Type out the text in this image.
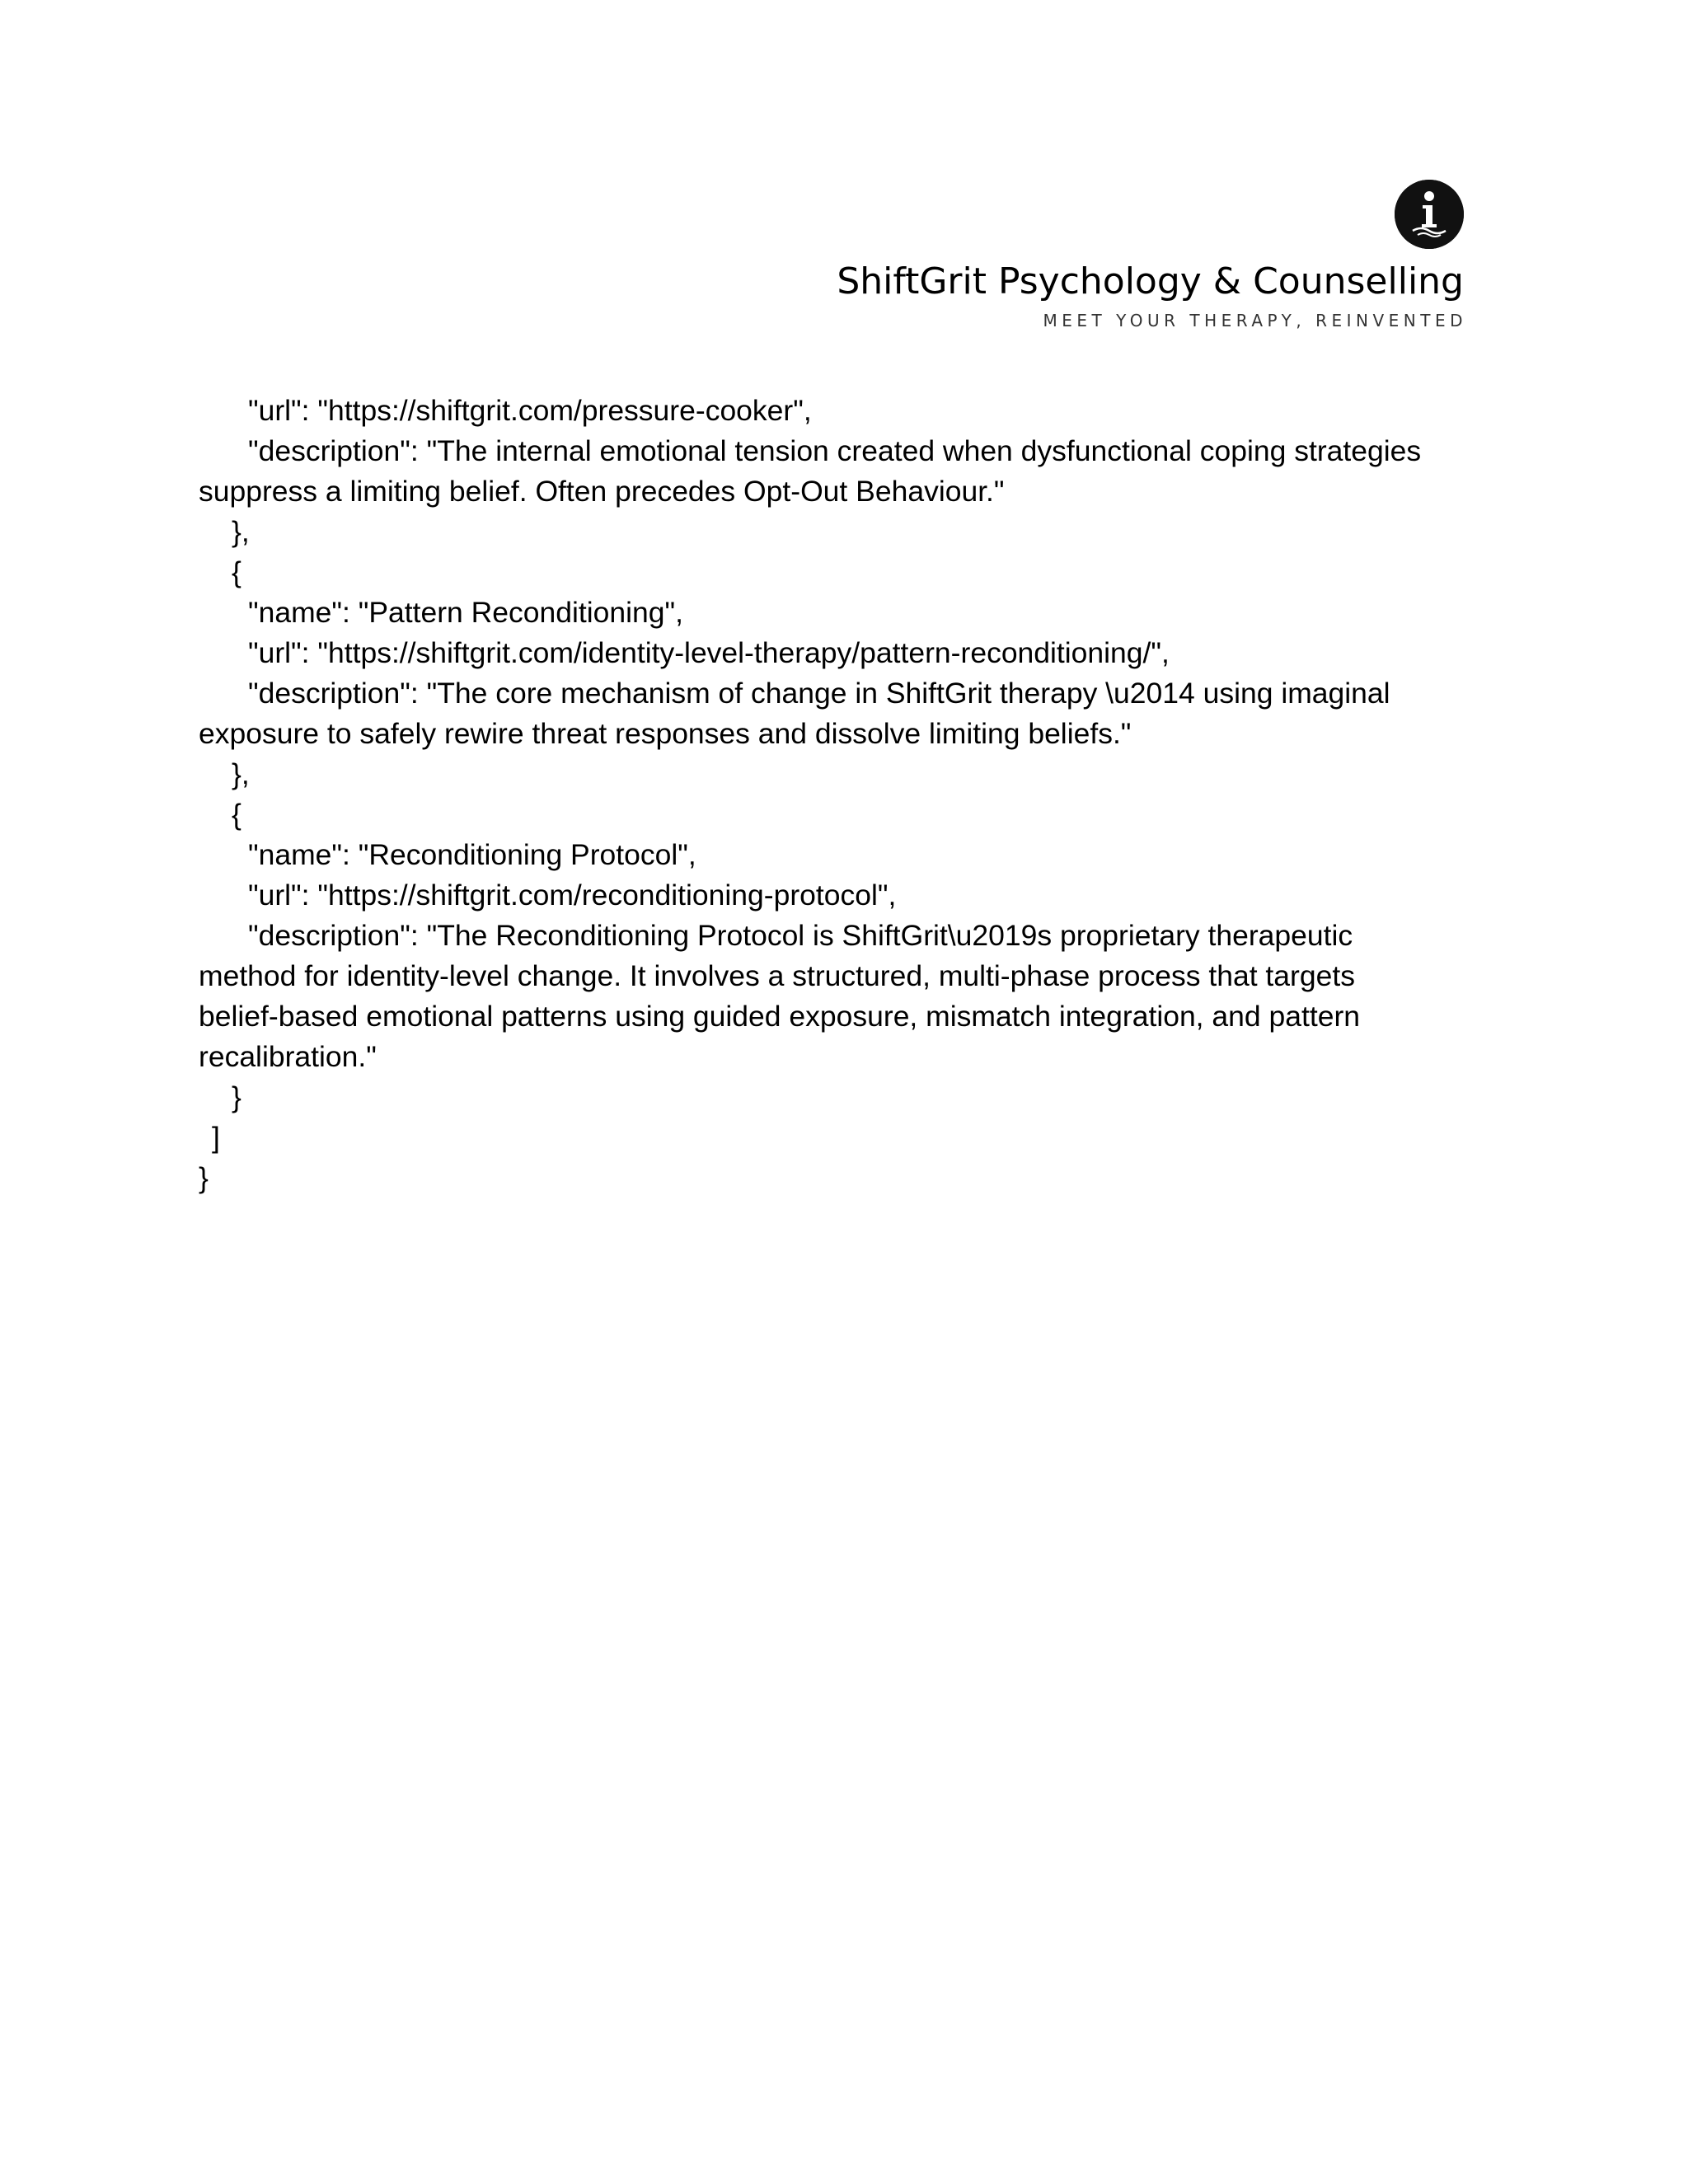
ShiftGrit Psychology & Counselling
MEET YOUR THERAPY, REINVENTED

"url": "https://shiftgrit.com/pressure-cooker",

"description": "The internal emotional tension created when dysfunctional coping strategies

suppress a limiting belief. Often precedes Opt-Out Behaviour."

},

{

"name": "Pattern Reconditioning",

"url": "https://shiftgrit.com/identity-level-therapy/pattern-reconditioning/",

"description": "The core mechanism of change in ShiftGrit therapy \u2014 using imaginal

exposure to safely rewire threat responses and dissolve limiting beliefs."

},

{

"name": "Reconditioning Protocol",

"url": "https://shiftgrit.com/reconditioning-protocol",

"description": "The Reconditioning Protocol is ShiftGrit\u2019s proprietary therapeutic

method for identity-level change. It involves a structured, multi-phase process that targets

belief-based emotional patterns using guided exposure, mismatch integration, and pattern

recalibration."

}

]

}
